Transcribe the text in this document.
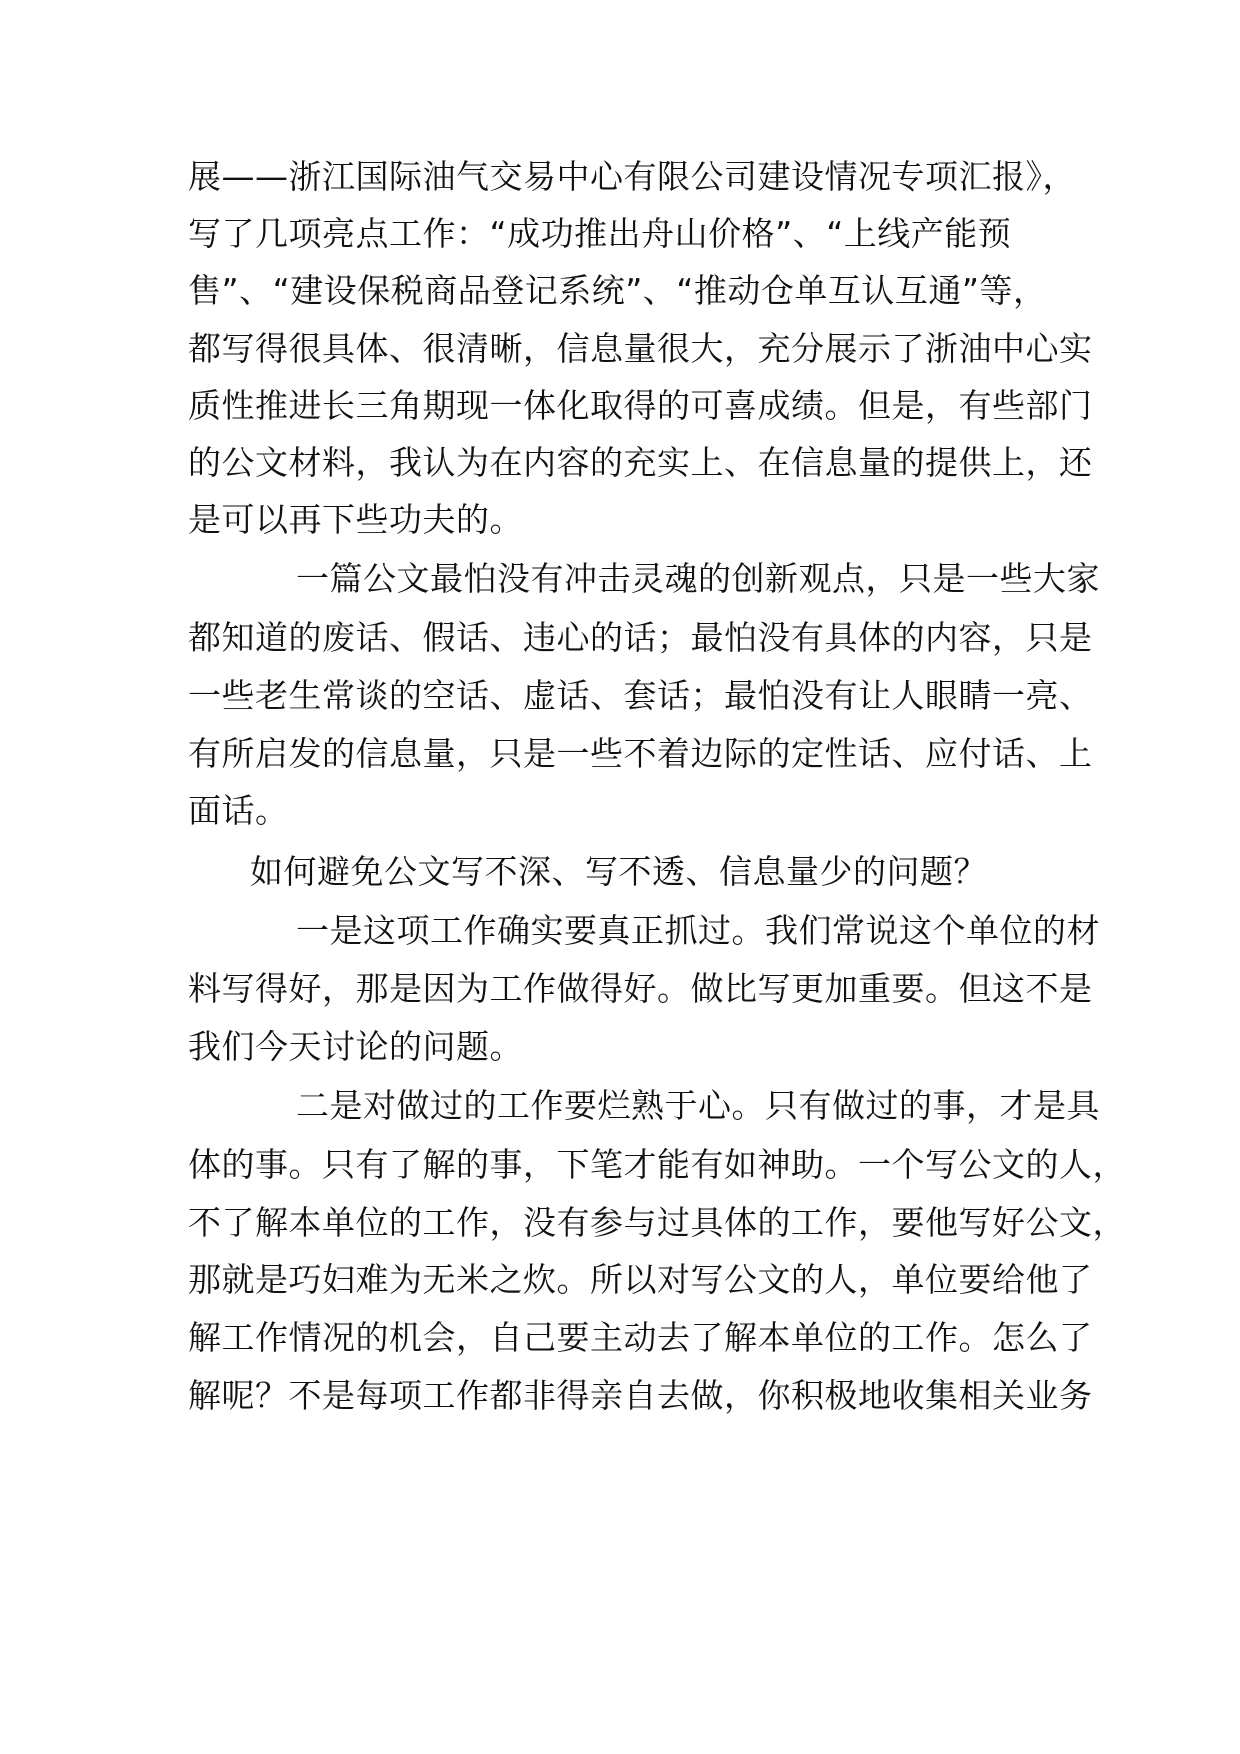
展——浙江国际油气交易中心有限公司建设情况专项汇报》，
写了几项亮点工作：“成功推出舟山价格”、“上线产能预
售”、“建设保税商品登记系统”、“推动仓单互认互通”等，
都写得很具体、很清晰，信息量很大，充分展示了浙油中心实
质性推进长三角期现一体化取得的可喜成绩。但是，有些部门
的公文材料，我认为在内容的充实上、在信息量的提供上，还
是可以再下些功夫的。
一篇公文最怕没有冲击灵魂的创新观点，只是一些大家
都知道的废话、假话、违心的话；最怕没有具体的内容，只是
一些老生常谈的空话、虚话、套话；最怕没有让人眼睛一亮、
有所启发的信息量，只是一些不着边际的定性话、应付话、上
面话。
如何避免公文写不深、写不透、信息量少的问题？
一是这项工作确实要真正抓过。我们常说这个单位的材
料写得好，那是因为工作做得好。做比写更加重要。但这不是
我们今天讨论的问题。
二是对做过的工作要烂熟于心。只有做过的事，才是具
体的事。只有了解的事，下笔才能有如神助。一个写公文的人，
不了解本单位的工作，没有参与过具体的工作，要他写好公文，
那就是巧妇难为无米之炊。所以对写公文的人，单位要给他了
解工作情况的机会，自己要主动去了解本单位的工作。怎么了
解呢？不是每项工作都非得亲自去做，你积极地收集相关业务
